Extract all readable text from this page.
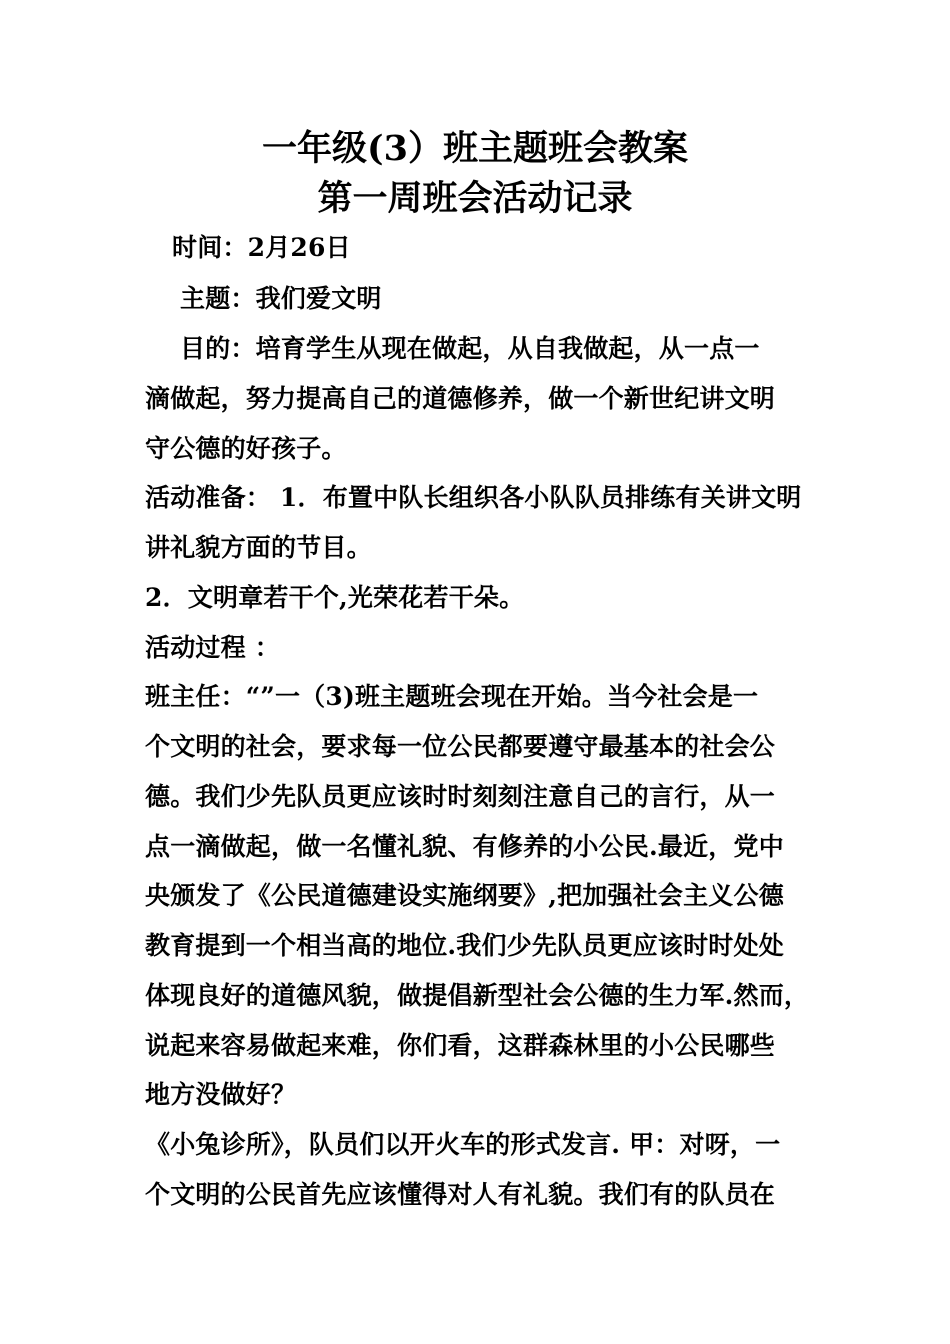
一年级(3）班主题班会教案
第一周班会活动记录
时间：2月26日
主题：我们爱文明
目的：培育学生从现在做起，从自我做起，从一点一
滴做起，努力提高自己的道德修养，做一个新世纪讲文明
守公德的好孩子。
活动准备： 1．布置中队长组织各小队队员排练有关讲文明
讲礼貌方面的节目。
2．文明章若干个,光荣花若干朵。
活动过程 ：
班主任：“”一（3)班主题班会现在开始。当今社会是一
个文明的社会，要求每一位公民都要遵守最基本的社会公
德。我们少先队员更应该时时刻刻注意自己的言行，从一
点一滴做起，做一名懂礼貌、有修养的小公民.最近，党中
央颁发了《公民道德建设实施纲要》,把加强社会主义公德
教育提到一个相当高的地位.我们少先队员更应该时时处处
体现良好的道德风貌，做提倡新型社会公德的生力军.然而，
说起来容易做起来难，你们看，这群森林里的小公民哪些
地方没做好？
《小兔诊所》，队员们以开火车的形式发言. 甲：对呀，一
个文明的公民首先应该懂得对人有礼貌。我们有的队员在
